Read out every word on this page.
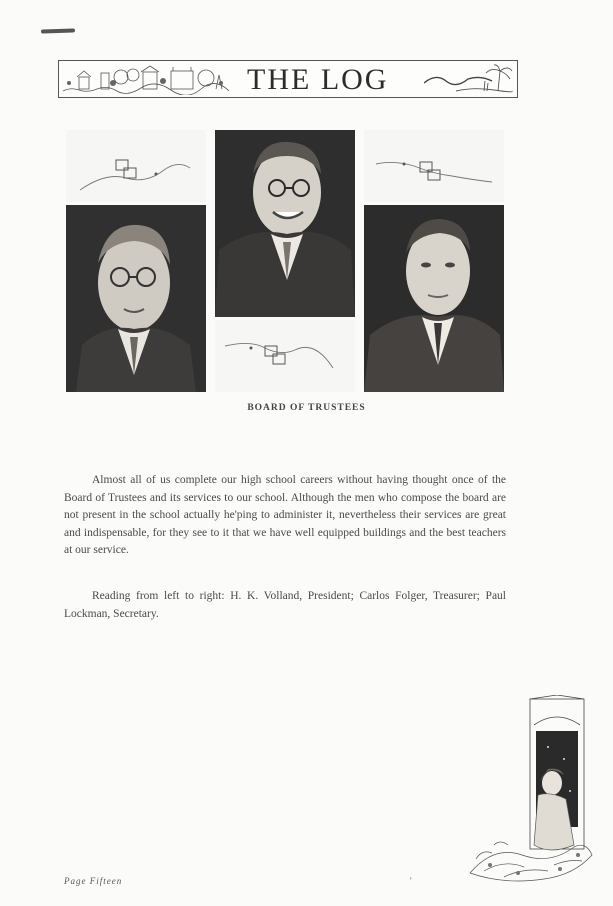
THE LOG
BOARD OF TRUSTEES

Almost all of us complete our high school careers without having thought once of the Board of Trustees and its services to our school. Although the men who compose the board are not present in the school actually he'ping to administer it, nevertheless their services are great and indispensable, for they see to it that we have well equipped buildings and the best teachers at our service.

Reading from left to right: H. K. Volland, President; Carlos Folger, Treasurer; Paul Lockman, Secretary.

Page Fifteen	'
